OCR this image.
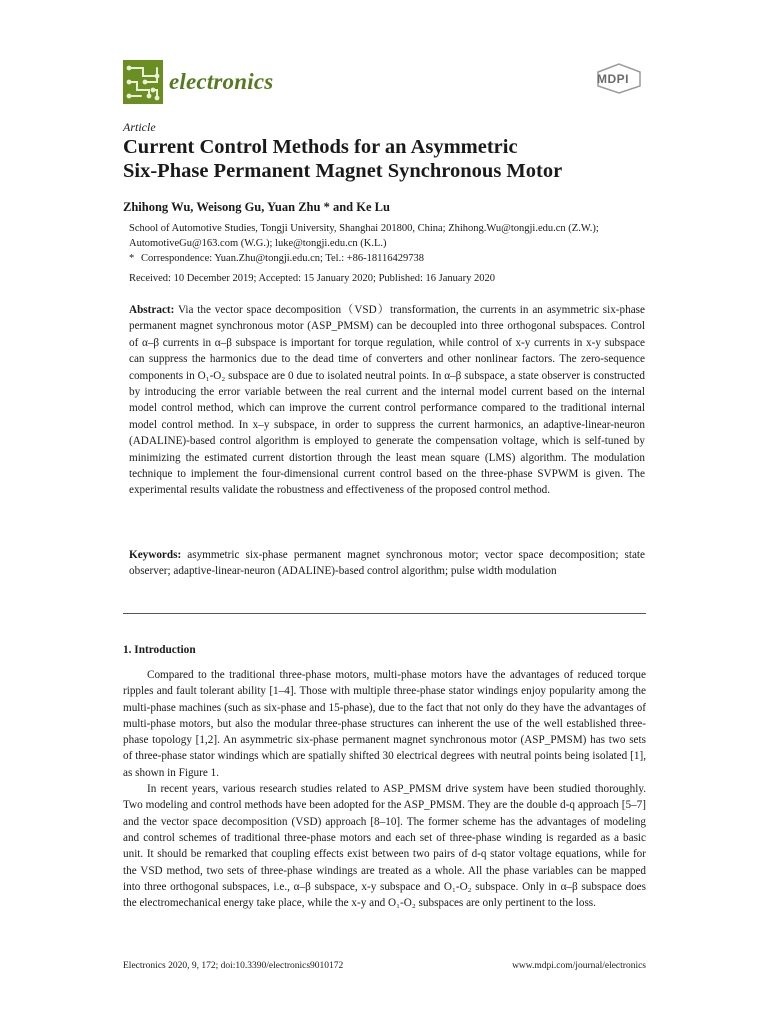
electronics	MDPI
Article
Current Control Methods for an Asymmetric
Six-Phase Permanent Magnet Synchronous Motor
Zhihong Wu, Weisong Gu, Yuan Zhu * and Ke Lu
School of Automotive Studies, Tongji University, Shanghai 201800, China; Zhihong.Wu@tongji.edu.cn (Z.W.);
AutomotiveGu@163.com (W.G.); luke@tongji.edu.cn (K.L.)
* Correspondence: Yuan.Zhu@tongji.edu.cn; Tel.: +86-18116429738
Received: 10 December 2019; Accepted: 15 January 2020; Published: 16 January 2020
Abstract: Via the vector space decomposition（VSD）transformation, the currents in an asymmetric six-phase permanent magnet synchronous motor (ASP_PMSM) can be decoupled into three orthogonal subspaces. Control of α–β currents in α–β subspace is important for torque regulation, while control of x-y currents in x-y subspace can suppress the harmonics due to the dead time of converters and other nonlinear factors. The zero-sequence components in O₁-O₂ subspace are 0 due to isolated neutral points. In α–β subspace, a state observer is constructed by introducing the error variable between the real current and the internal model current based on the internal model control method, which can improve the current control performance compared to the traditional internal model control method. In x–y subspace, in order to suppress the current harmonics, an adaptive-linear-neuron (ADALINE)-based control algorithm is employed to generate the compensation voltage, which is self-tuned by minimizing the estimated current distortion through the least mean square (LMS) algorithm. The modulation technique to implement the four-dimensional current control based on the three-phase SVPWM is given. The experimental results validate the robustness and effectiveness of the proposed control method.
Keywords: asymmetric six-phase permanent magnet synchronous motor; vector space decomposition; state observer; adaptive-linear-neuron (ADALINE)-based control algorithm; pulse width modulation
1. Introduction

Compared to the traditional three-phase motors, multi-phase motors have the advantages of reduced torque ripples and fault tolerant ability [1–4]. Those with multiple three-phase stator windings enjoy popularity among the multi-phase machines (such as six-phase and 15-phase), due to the fact that not only do they have the advantages of multi-phase motors, but also the modular three-phase structures can inherent the use of the well established three-phase topology [1,2]. An asymmetric six-phase permanent magnet synchronous motor (ASP_PMSM) has two sets of three-phase stator windings which are spatially shifted 30 electrical degrees with neutral points being isolated [1], as shown in Figure 1.

In recent years, various research studies related to ASP_PMSM drive system have been studied thoroughly. Two modeling and control methods have been adopted for the ASP_PMSM. They are the double d-q approach [5–7] and the vector space decomposition (VSD) approach [8–10]. The former scheme has the advantages of modeling and control schemes of traditional three-phase motors and each set of three-phase winding is regarded as a basic unit. It should be remarked that coupling effects exist between two pairs of d-q stator voltage equations, while for the VSD method, two sets of three-phase windings are treated as a whole. All the phase variables can be mapped into three orthogonal subspaces, i.e., α–β subspace, x-y subspace and O₁-O₂ subspace. Only in α–β subspace does the electromechanical energy take place, while the x-y and O₁-O₂ subspaces are only pertinent to the loss.

Electronics 2020, 9, 172; doi:10.3390/electronics9010172	www.mdpi.com/journal/electronics
